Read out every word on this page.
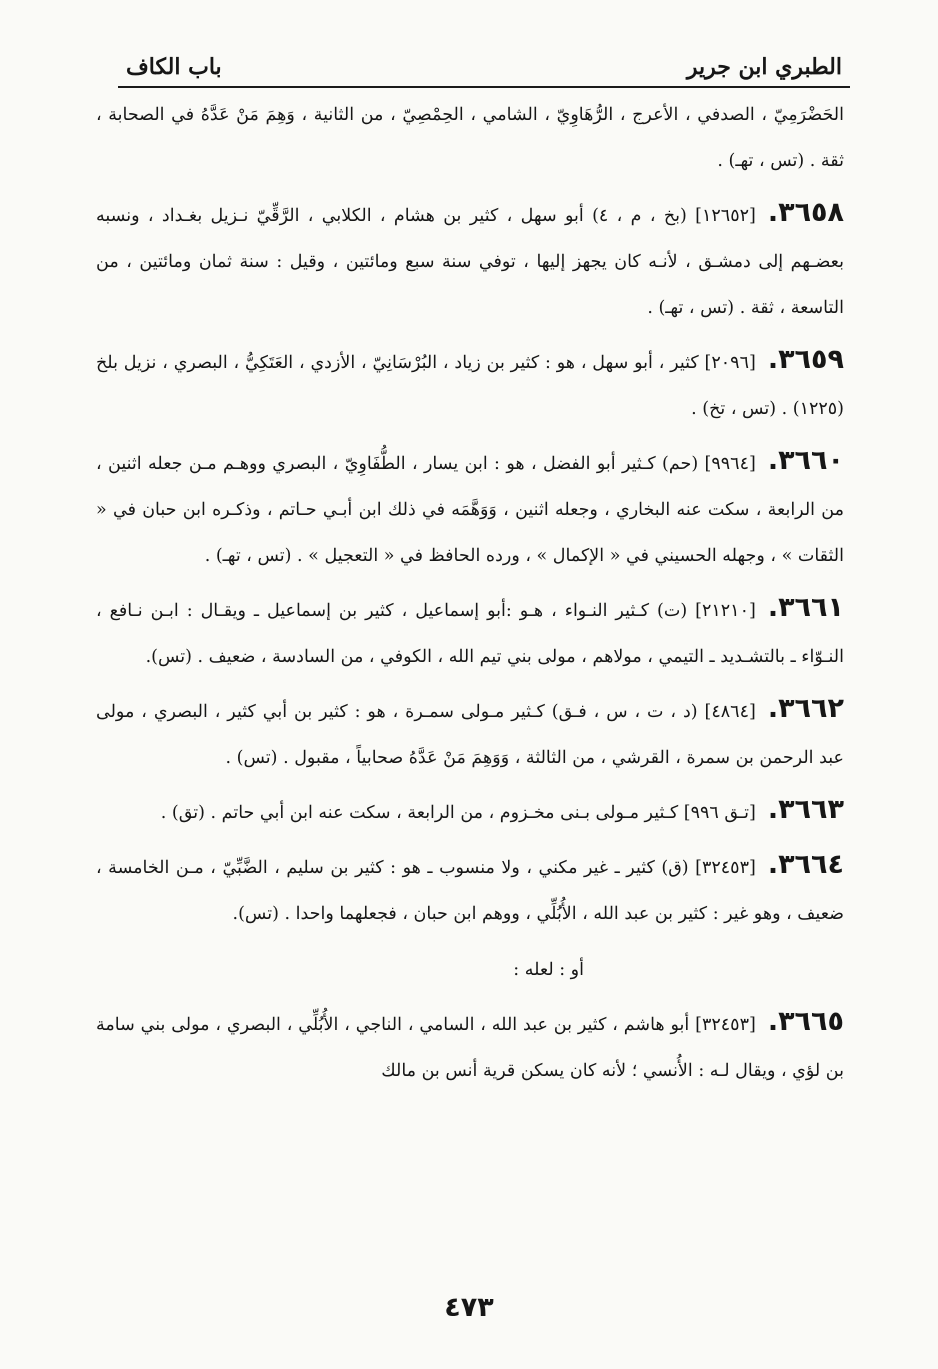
الطبري ابن جرير
باب الكاف

الحَضْرَمِيّ ، الصدفي ، الأعرج ، الرُّهَاوِيّ ، الشامي ، الحِمْصِيّ ، من الثانية ، وَهِمَ مَنْ عَدَّهُ في الصحابة ، ثقة . (تس ، تهـ) .

٣٦٥٨.[١٢٦٥٢] (بخ ، م ، ٤) أبو سهل ، كثير بن هشام ، الكلابي ، الرَّقِّيّ نـزيل بغـداد ، ونسبه بعضـهم إلى دمشـق ، لأنـه كان يجهز إليها ، توفي سنة سبع ومائتين ، وقيل : سنة ثمان ومائتين ، من التاسعة ، ثقة . (تس ، تهـ) .

٣٦٥٩.[٢٠٩٦] كثير ، أبو سهل ، هو : كثير بن زياد ، البُرْسَانِيّ ، الأزدي ، العَتَكِيُّ ، البصري ، نزيل بلخ (١٢٢٥) . (تس ، تخ) .

٣٦٦٠.[٩٩٦٤] (حم) كـثير أبو الفضل ، هو : ابن يسار ، الطُّفَاوِيّ ، البصري ووهـم مـن جعله اثنين ، من الرابعة ، سكت عنه البخاري ، وجعله اثنين ، وَوَهَّمَه في ذلك ابن أبـي حـاتم ، وذكـره ابن حبان في « الثقات » ، وجهله الحسيني في « الإكمال » ، ورده الحافظ في « التعجيل » . (تس ، تهـ) .

٣٦٦١.[٢١٢١٠] (ت) كـثير النـواء ، هـو :أبو إسماعيل ، كثير بن إسماعيل ـ ويقـال : ابـن نـافع ، النـوّاء ـ بالتشـديد ـ التيمي ، مولاهم ، مولى بني تيم الله ، الكوفي ، من السادسة ، ضعيف . (تس).

٣٦٦٢.[٤٨٦٤] (د ، ت ، س ، فـق) كـثير مـولى سمـرة ، هو : كثير بن أبي كثير ، البصري ، مولى عبد الرحمن بن سمرة ، القرشي ، من الثالثة ، وَوَهِمَ مَنْ عَدَّهُ صحابياً ، مقبول . (تس) .

٣٦٦٣.[تـق ٩٩٦] كـثير مـولى بـنى مخـزوم ، من الرابعة ، سكت عنه ابن أبي حاتم . (تق) .

٣٦٦٤.[٣٢٤٥٣] (ق) كثير ـ غير مكني ، ولا منسوب ـ هو : كثير بن سليم ، الضَّبِّيّ ، مـن الخامسة ، ضعيف ، وهو غير : كثير بن عبد الله ، الأُبُلِّي ، ووهم ابن حبان ، فجعلهما واحدا . (تس).

أو : لعله :

٣٦٦٥.[٣٢٤٥٣] أبو هاشم ، كثير بن عبد الله ، السامي ، الناجي ، الأُبُلِّي ، البصري ، مولى بني سامة بن لؤي ، ويقال لـه : الأُنسي ؛ لأنه كان يسكن قرية أنس بن مالك

٤٧٣
